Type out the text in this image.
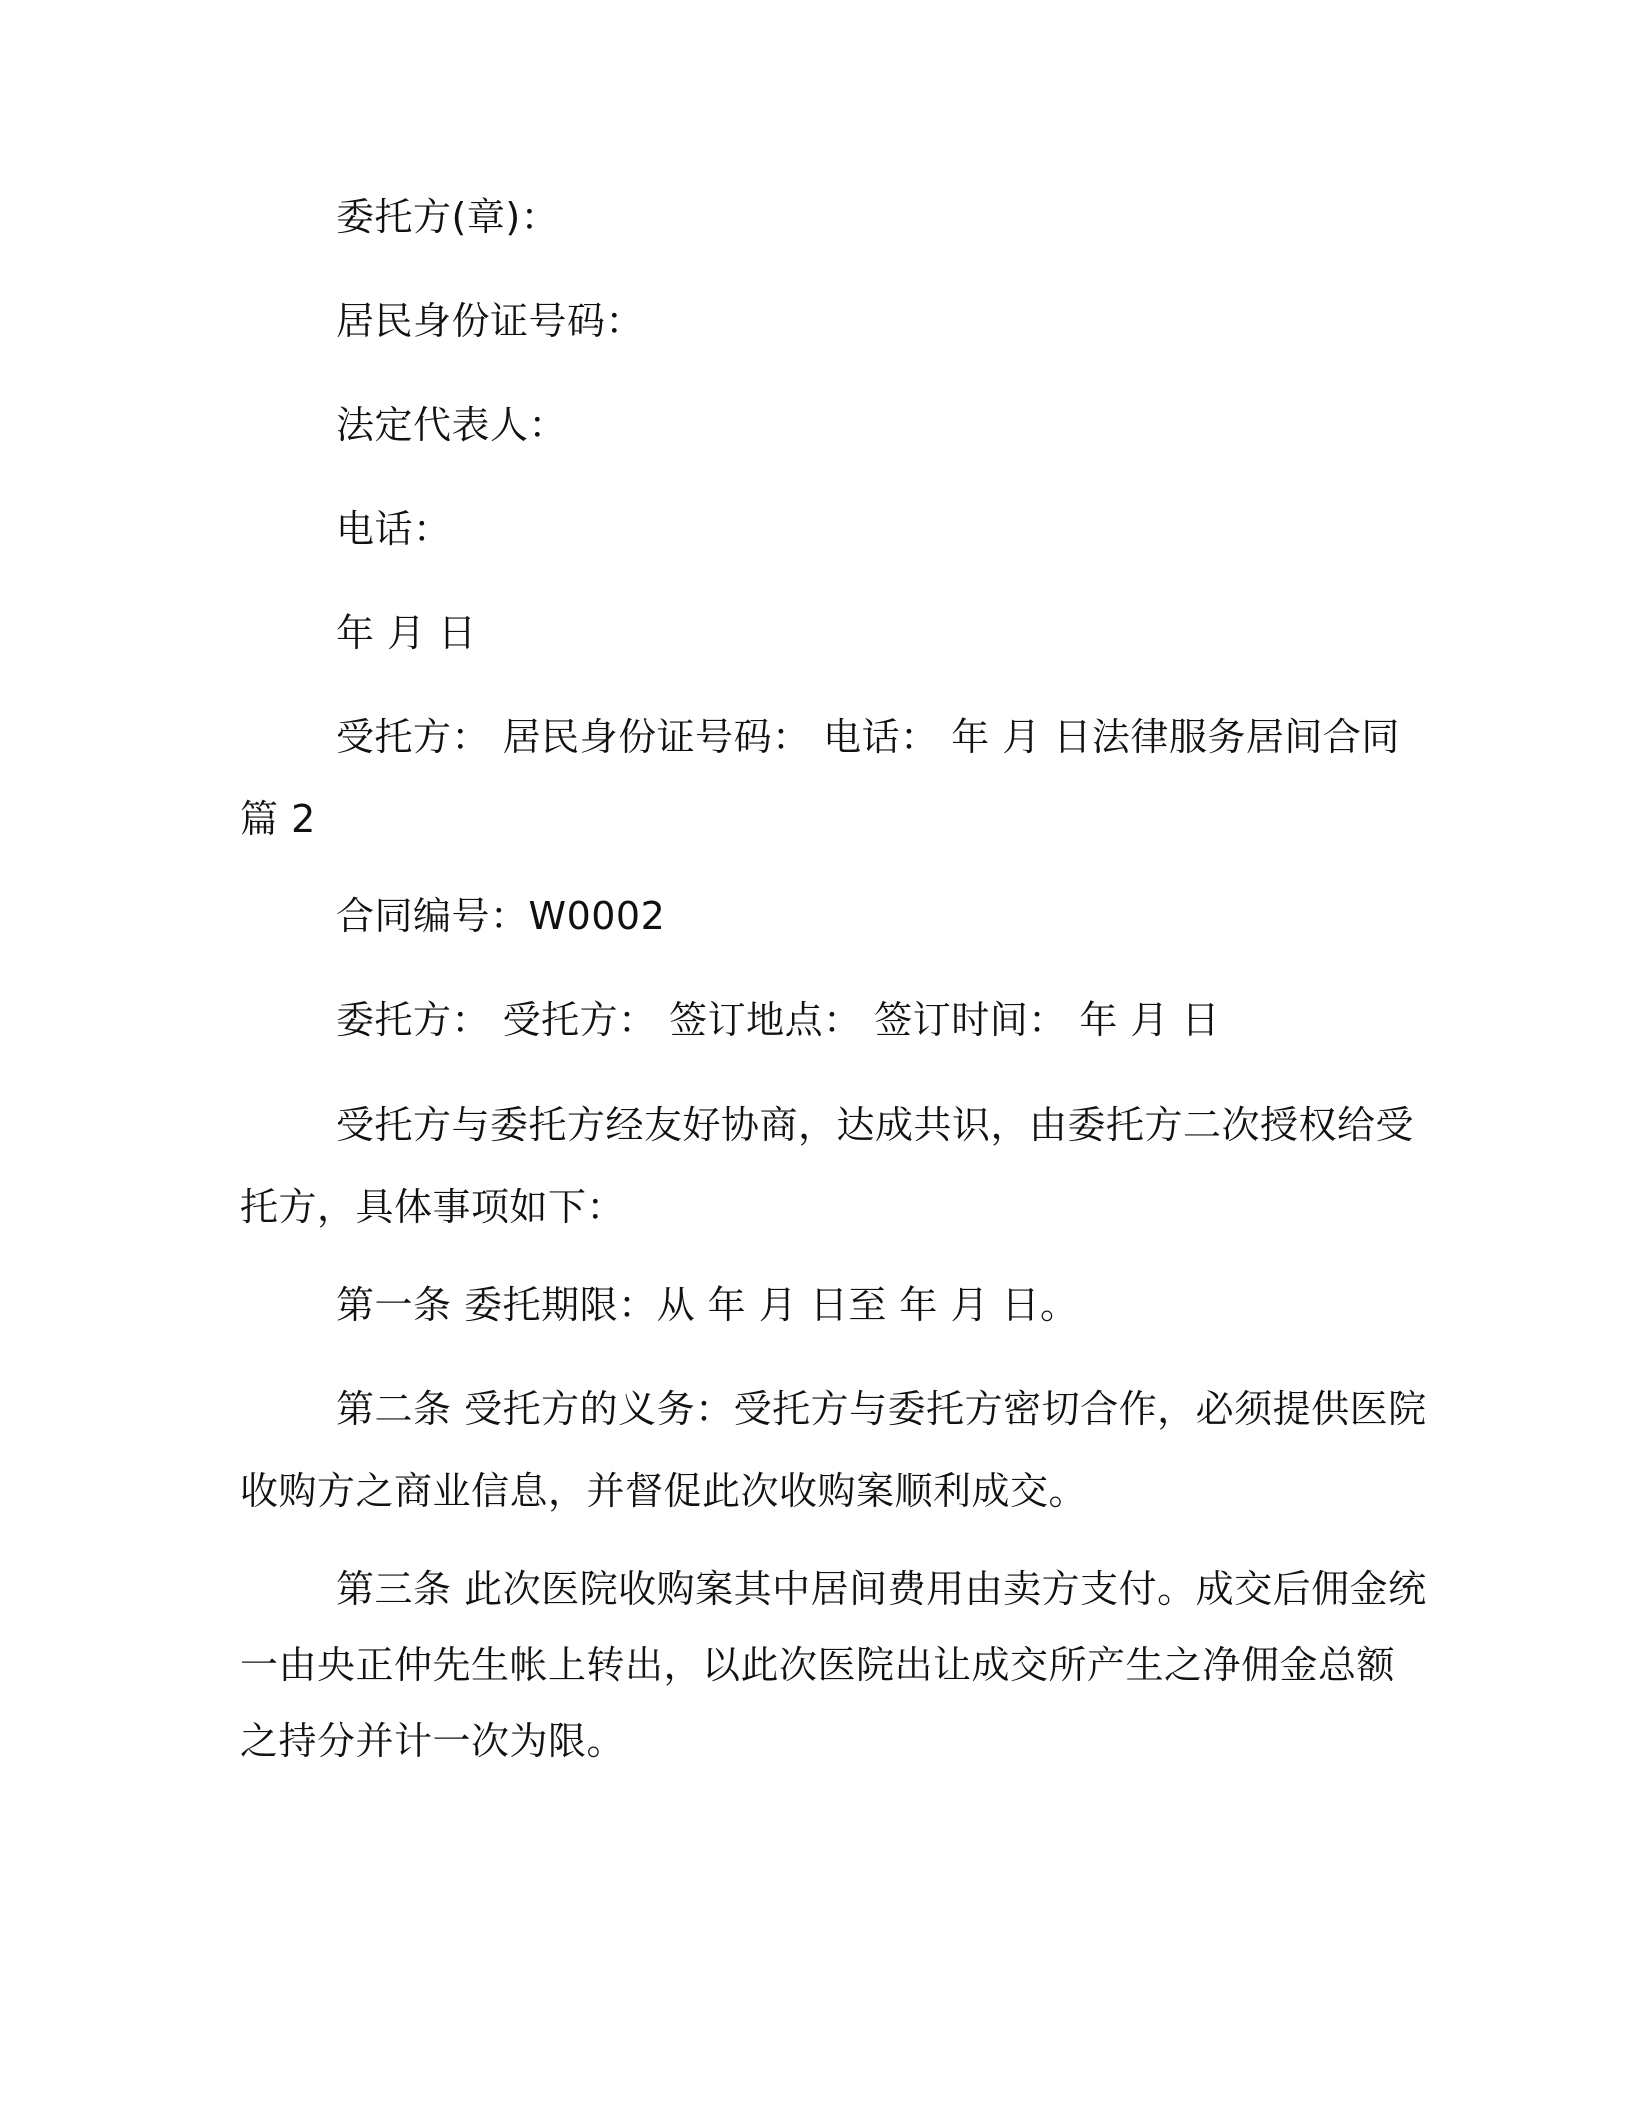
委托方(章)：
居民身份证号码：
法定代表人：
电话：
年 月 日
受托方： 居民身份证号码： 电话： 年 月 日法律服务居间合同
篇 2
合同编号：W0002
委托方： 受托方： 签订地点： 签订时间： 年 月 日
受托方与委托方经友好协商，达成共识，由委托方二次授权给受
托方，具体事项如下：
第一条 委托期限：从 年 月 日至 年 月 日。
第二条 受托方的义务：受托方与委托方密切合作，必须提供医院
收购方之商业信息，并督促此次收购案顺利成交。
第三条 此次医院收购案其中居间费用由卖方支付。成交后佣金统
一由央正仲先生帐上转出，以此次医院出让成交所产生之净佣金总额
之持分并计一次为限。
